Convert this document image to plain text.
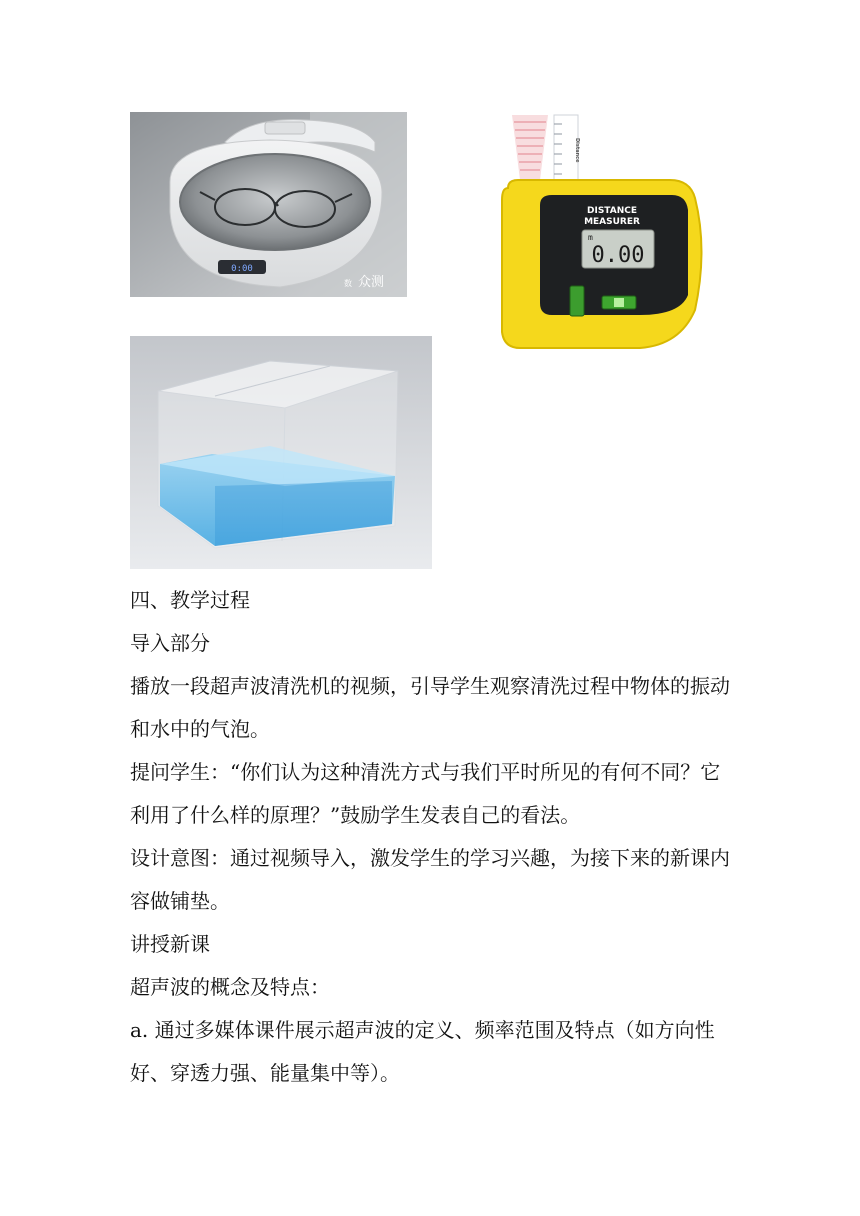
0:00
数 众测
Distance
DISTANCE
MEASURER
m
0.00

四、教学过程

导入部分

播放一段超声波清洗机的视频，引导学生观察清洗过程中物体的振动

和水中的气泡。

提问学生：“你们认为这种清洗方式与我们平时所见的有何不同？它

利用了什么样的原理？”鼓励学生发表自己的看法。

设计意图：通过视频导入，激发学生的学习兴趣，为接下来的新课内

容做铺垫。

讲授新课

超声波的概念及特点：

a. 通过多媒体课件展示超声波的定义、频率范围及特点（如方向性

好、穿透力强、能量集中等）。
